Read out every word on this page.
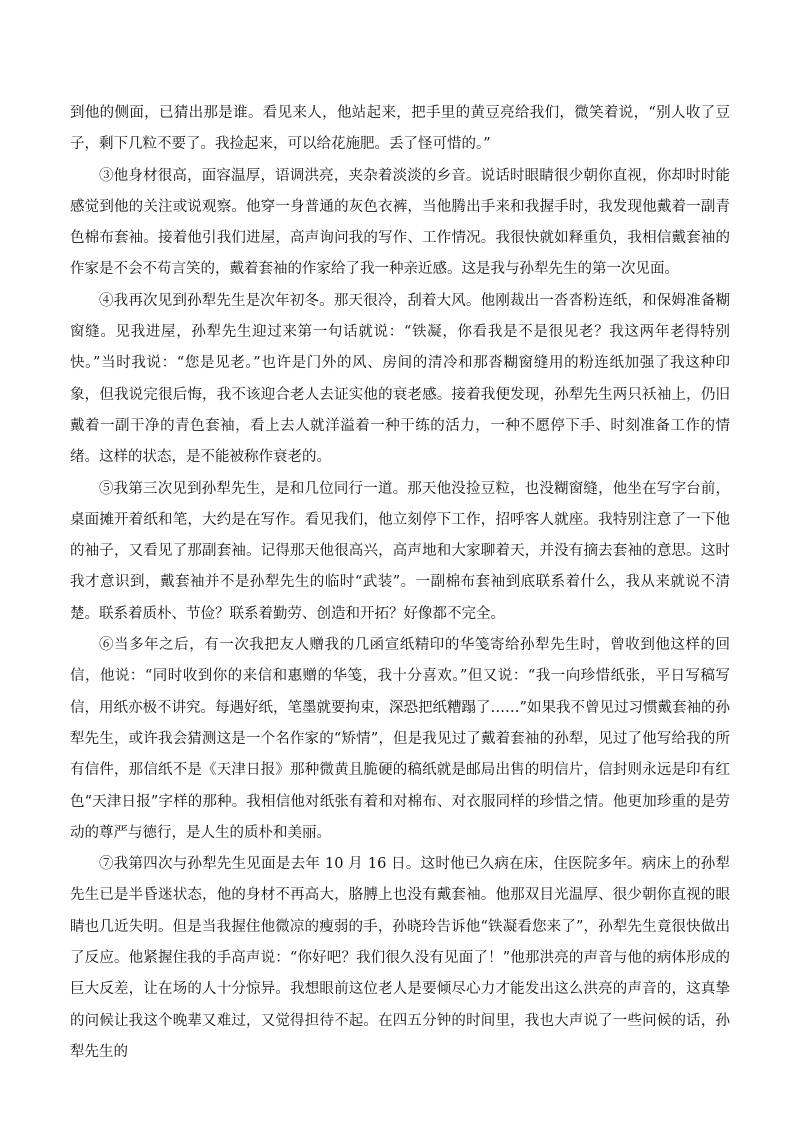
到他的侧面，已猜出那是谁。看见来人，他站起来，把手里的黄豆亮给我们，微笑着说，“别人收了豆子，剩下几粒不要了。我捡起来，可以给花施肥。丢了怪可惜的。”

③他身材很高，面容温厚，语调洪亮，夹杂着淡淡的乡音。说话时眼睛很少朝你直视，你却时时能感觉到他的关注或说观察。他穿一身普通的灰色衣裤，当他腾出手来和我握手时，我发现他戴着一副青色棉布套袖。接着他引我们进屋，高声询问我的写作、工作情况。我很快就如释重负，我相信戴套袖的作家是不会不苟言笑的，戴着套袖的作家给了我一种亲近感。这是我与孙犁先生的第一次见面。

④我再次见到孙犁先生是次年初冬。那天很冷，刮着大风。他刚裁出一沓沓粉连纸，和保姆准备糊窗缝。见我进屋，孙犁先生迎过来第一句话就说：“铁凝，你看我是不是很见老？我这两年老得特别快。”当时我说：“您是见老。”也许是门外的风、房间的清冷和那沓糊窗缝用的粉连纸加强了我这种印象，但我说完很后悔，我不该迎合老人去证实他的衰老感。接着我便发现，孙犁先生两只袄袖上，仍旧戴着一副干净的青色套袖，看上去人就洋溢着一种干练的活力，一种不愿停下手、时刻准备工作的情绪。这样的状态，是不能被称作衰老的。

⑤我第三次见到孙犁先生，是和几位同行一道。那天他没捡豆粒，也没糊窗缝，他坐在写字台前，桌面摊开着纸和笔，大约是在写作。看见我们，他立刻停下工作，招呼客人就座。我特别注意了一下他的袖子，又看见了那副套袖。记得那天他很高兴，高声地和大家聊着天，并没有摘去套袖的意思。这时我才意识到，戴套袖并不是孙犁先生的临时“武装”。一副棉布套袖到底联系着什么，我从来就说不清楚。联系着质朴、节俭？联系着勤劳、创造和开拓？好像都不完全。

⑥当多年之后，有一次我把友人赠我的几函宣纸精印的华笺寄给孙犁先生时，曾收到他这样的回信，他说：“同时收到你的来信和惠赠的华笺，我十分喜欢。”但又说：“我一向珍惜纸张，平日写稿写信，用纸亦极不讲究。每遇好纸，笔墨就要拘束，深恐把纸糟蹋了……”如果我不曾见过习惯戴套袖的孙犁先生，或许我会猜测这是一个名作家的“矫情”，但是我见过了戴着套袖的孙犁，见过了他写给我的所有信件，那信纸不是《天津日报》那种微黄且脆硬的稿纸就是邮局出售的明信片，信封则永远是印有红色“天津日报”字样的那种。我相信他对纸张有着和对棉布、对衣服同样的珍惜之情。他更加珍重的是劳动的尊严与德行，是人生的质朴和美丽。

⑦我第四次与孙犁先生见面是去年 10 月 16 日。这时他已久病在床，住医院多年。病床上的孙犁先生已是半昏迷状态，他的身材不再高大，胳膊上也没有戴套袖。他那双目光温厚、很少朝你直视的眼睛也几近失明。但是当我握住他微凉的瘦弱的手，孙晓玲告诉他“铁凝看您来了”，孙犁先生竟很快做出了反应。他紧握住我的手高声说：“你好吧？我们很久没有见面了！”他那洪亮的声音与他的病体形成的巨大反差，让在场的人十分惊异。我想眼前这位老人是要倾尽心力才能发出这么洪亮的声音的，这真挚的问候让我这个晚辈又难过，又觉得担待不起。在四五分钟的时间里，我也大声说了一些问候的话，孙犁先生的
